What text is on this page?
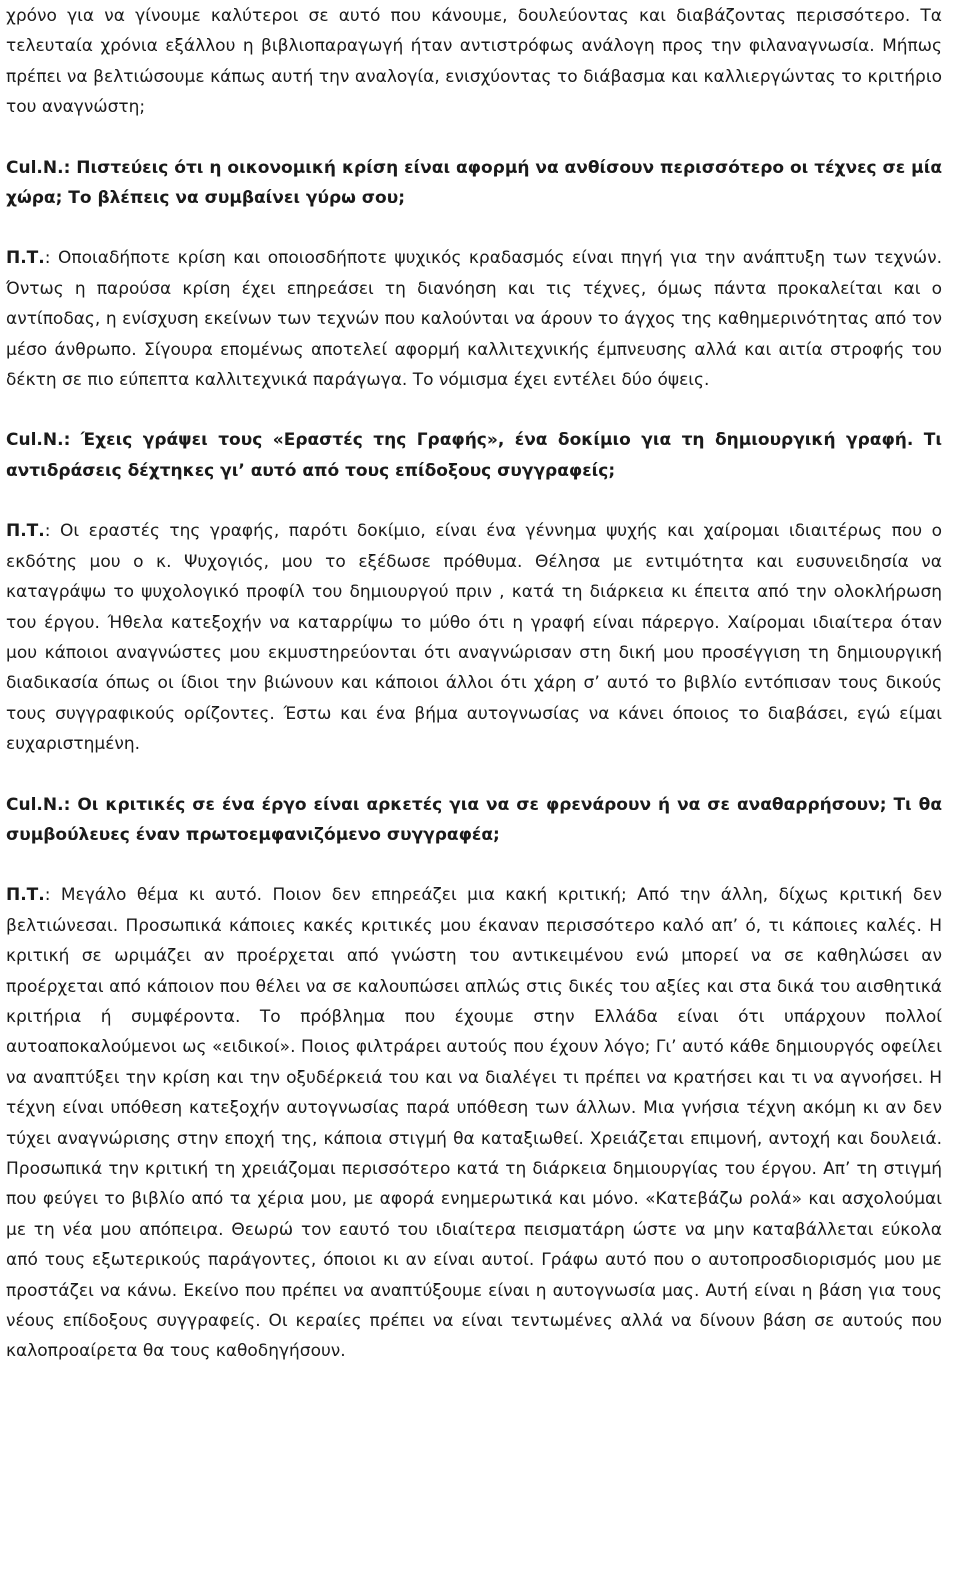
χρόνο για να γίνουμε καλύτεροι σε αυτό που κάνουμε, δουλεύοντας και διαβάζοντας περισσότερο. Τα τελευταία χρόνια εξάλλου η βιβλιοπαραγωγή ήταν αντιστρόφως ανάλογη προς την φιλαναγνωσία. Μήπως πρέπει να βελτιώσουμε κάπως αυτή την αναλογία, ενισχύοντας το διάβασμα και καλλιεργώντας το κριτήριο του αναγνώστη;

Cul.N.: Πιστεύεις ότι η οικονομική κρίση είναι αφορμή να ανθίσουν περισσότερο οι τέχνες σε μία χώρα; Το βλέπεις να συμβαίνει γύρω σου;

Π.Τ.: Οποιαδήποτε κρίση και οποιοσδήποτε ψυχικός κραδασμός είναι πηγή για την ανάπτυξη των τεχνών. Όντως η παρούσα κρίση έχει επηρεάσει τη διανόηση και τις τέχνες, όμως πάντα προκαλείται και ο αντίποδας, η ενίσχυση εκείνων των τεχνών που καλούνται να άρουν το άγχος της καθημερινότητας από τον μέσο άνθρωπο. Σίγουρα επομένως αποτελεί αφορμή καλλιτεχνικής έμπνευσης αλλά και αιτία στροφής του δέκτη σε πιο εύπεπτα καλλιτεχνικά παράγωγα. Το νόμισμα έχει εντέλει δύο όψεις.

Cul.N.: Έχεις γράψει τους «Εραστές της Γραφής», ένα δοκίμιο για τη δημιουργική γραφή. Τι αντιδράσεις δέχτηκες γι’ αυτό από τους επίδοξους συγγραφείς;

Π.Τ.: Οι εραστές της γραφής, παρότι δοκίμιο, είναι ένα γέννημα ψυχής και χαίρομαι ιδιαιτέρως που ο εκδότης μου ο κ. Ψυχογιός, μου το εξέδωσε πρόθυμα. Θέλησα με εντιμότητα και ευσυνειδησία να καταγράψω το ψυχολογικό προφίλ του δημιουργού πριν , κατά τη διάρκεια κι έπειτα από την ολοκλήρωση του έργου. Ήθελα κατεξοχήν να καταρρίψω το μύθο ότι η γραφή είναι πάρεργο. Χαίρομαι ιδιαίτερα όταν μου κάποιοι αναγνώστες μου εκμυστηρεύονται ότι αναγνώρισαν στη δική μου προσέγγιση τη δημιουργική διαδικασία όπως οι ίδιοι την βιώνουν και κάποιοι άλλοι ότι χάρη σ’ αυτό το βιβλίο εντόπισαν τους δικούς τους συγγραφικούς ορίζοντες. Έστω και ένα βήμα αυτογνωσίας να κάνει όποιος το διαβάσει, εγώ είμαι ευχαριστημένη.

Cul.N.: Οι κριτικές σε ένα έργο είναι αρκετές για να σε φρενάρουν ή να σε αναθαρρήσουν; Τι θα συμβούλευες έναν πρωτοεμφανιζόμενο συγγραφέα;

Π.Τ.: Μεγάλο θέμα κι αυτό. Ποιον δεν επηρεάζει μια κακή κριτική; Από την άλλη, δίχως κριτική δεν βελτιώνεσαι. Προσωπικά κάποιες κακές κριτικές μου έκαναν περισσότερο καλό απ’ ό, τι κάποιες καλές. Η κριτική σε ωριμάζει αν προέρχεται από γνώστη του αντικειμένου ενώ μπορεί να σε καθηλώσει αν προέρχεται από κάποιον που θέλει να σε καλουπώσει απλώς στις δικές του αξίες και στα δικά του αισθητικά κριτήρια ή συμφέροντα. Το πρόβλημα που έχουμε στην Ελλάδα είναι ότι υπάρχουν πολλοί αυτοαποκαλούμενοι ως «ειδικοί». Ποιος φιλτράρει αυτούς που έχουν λόγο; Γι’ αυτό κάθε δημιουργός οφείλει να αναπτύξει την κρίση και την οξυδέρκειά του και να διαλέγει τι πρέπει να κρατήσει και τι να αγνοήσει. Η τέχνη είναι υπόθεση κατεξοχήν αυτογνωσίας παρά υπόθεση των άλλων. Μια γνήσια τέχνη ακόμη κι αν δεν τύχει αναγνώρισης στην εποχή της, κάποια στιγμή θα καταξιωθεί. Χρειάζεται επιμονή, αντοχή και δουλειά. Προσωπικά την κριτική τη χρειάζομαι περισσότερο κατά τη διάρκεια δημιουργίας του έργου. Απ’ τη στιγμή που φεύγει το βιβλίο από τα χέρια μου, με αφορά ενημερωτικά και μόνο. «Κατεβάζω ρολά» και ασχολούμαι με τη νέα μου απόπειρα. Θεωρώ τον εαυτό του ιδιαίτερα πεισματάρη ώστε να μην καταβάλλεται εύκολα από τους εξωτερικούς παράγοντες, όποιοι κι αν είναι αυτοί. Γράφω αυτό που ο αυτοπροσδιορισμός μου με προστάζει να κάνω. Εκείνο που πρέπει να αναπτύξουμε είναι η αυτογνωσία μας. Αυτή είναι η βάση για τους νέους επίδοξους συγγραφείς. Οι κεραίες πρέπει να είναι τεντωμένες αλλά να δίνουν βάση σε αυτούς που καλοπροαίρετα θα τους καθοδηγήσουν.
